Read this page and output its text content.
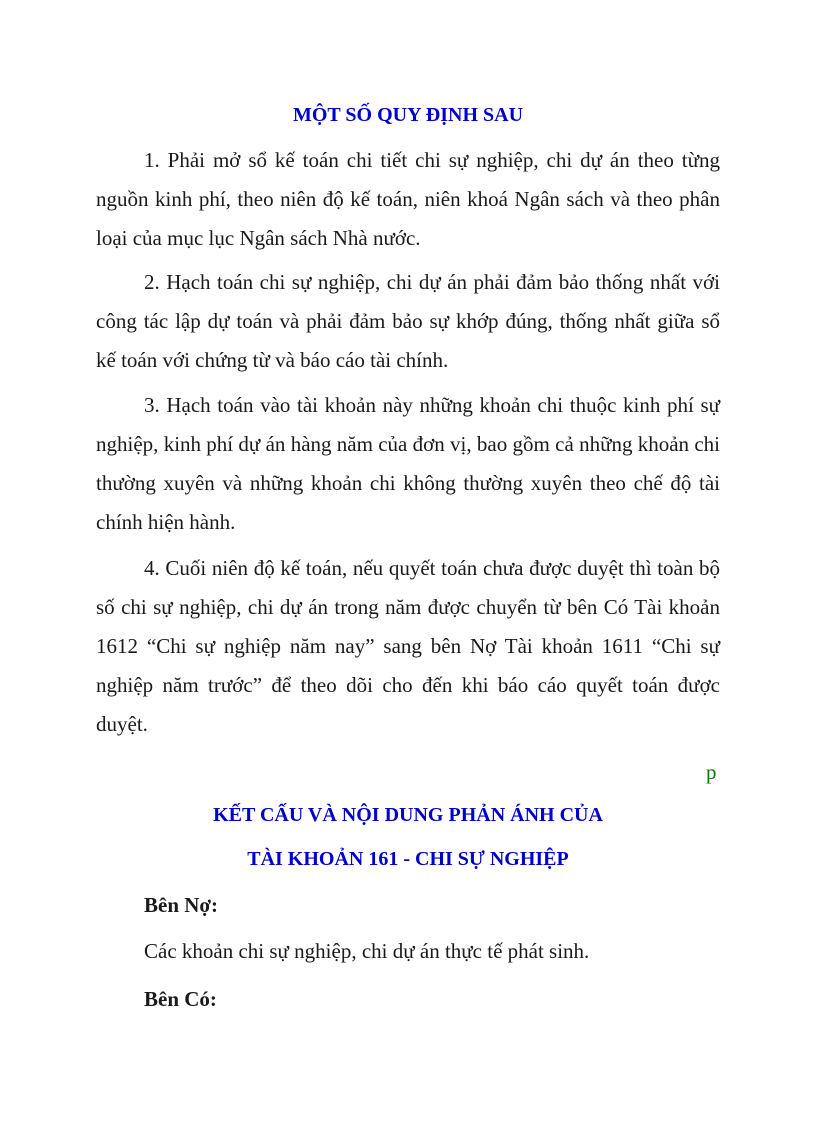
MỘT SỐ QUY ĐỊNH SAU

1. Phải mở sổ kế toán chi tiết chi sự nghiệp, chi dự án theo từng nguồn kinh phí, theo niên độ kế toán, niên khoá Ngân sách và theo phân loại của mục lục Ngân sách Nhà nước.

2. Hạch toán chi sự nghiệp, chi dự án phải đảm bảo thống nhất với công tác lập dự toán và phải đảm bảo sự khớp đúng, thống nhất giữa sổ kế toán với chứng từ và báo cáo tài chính.

3. Hạch toán vào tài khoản này những khoản chi thuộc kinh phí sự nghiệp, kinh phí dự án hàng năm của đơn vị, bao gồm cả những khoản chi thường xuyên và những khoản chi không thường xuyên theo chế độ tài chính hiện hành.

4. Cuối niên độ kế toán, nếu quyết toán chưa được duyệt thì toàn bộ số chi sự nghiệp, chi dự án trong năm được chuyển từ bên Có Tài khoản 1612 “Chi sự nghiệp năm nay” sang bên Nợ Tài khoản 1611 “Chi sự nghiệp năm trước” để theo dõi cho đến khi báo cáo quyết toán được duyệt.

p

KẾT CẤU VÀ NỘI DUNG PHẢN ÁNH CỦA
TÀI KHOẢN 161 - CHI SỰ NGHIỆP

Bên Nợ:

Các khoản chi sự nghiệp, chi dự án thực tế phát sinh.

Bên Có:
